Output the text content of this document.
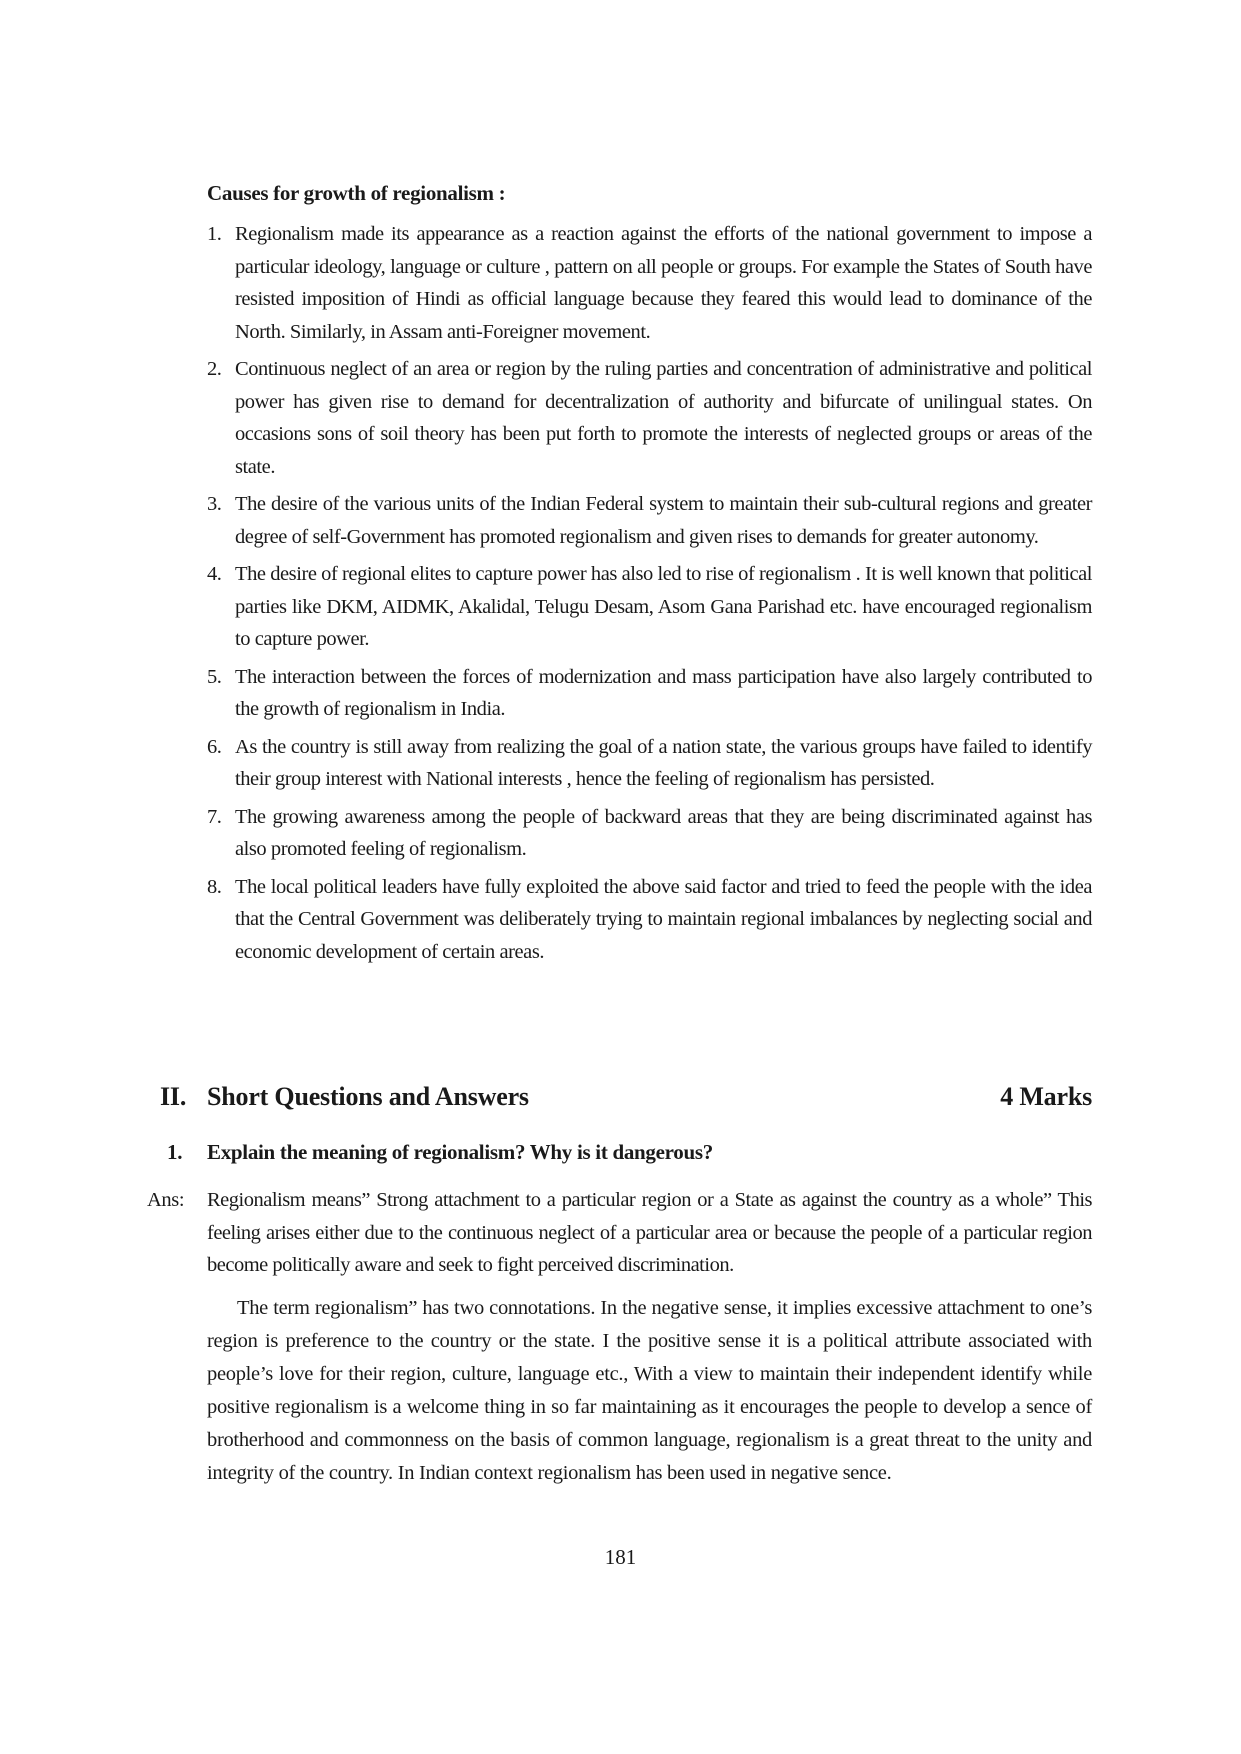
Causes for growth of regionalism :
1. Regionalism made its appearance as a reaction against the efforts of the national government to impose a particular ideology, language or culture , pattern on all people or groups. For example the States of South have resisted imposition of Hindi as official language because they feared this would lead to dominance of the North. Similarly, in Assam anti-Foreigner movement.
2. Continuous neglect of an area or region by the ruling parties and concentration of administrative and political power has given rise to demand for decentralization of authority and bifurcate of unilingual states. On occasions sons of soil theory has been put forth to promote the interests of neglected groups or areas of the state.
3. The desire of the various units of the Indian Federal system to maintain their sub-cultural regions and greater degree of self-Government has promoted regionalism and given rises to demands for greater autonomy.
4. The desire of regional elites to capture power has also led to rise of regionalism . It is well known that political parties like DKM, AIDMK, Akalidal, Telugu Desam, Asom Gana Parishad etc. have encouraged regionalism to capture power.
5. The interaction between the forces of modernization and mass participation have also largely contributed to the growth of regionalism in India.
6. As the country is still away from realizing the goal of a nation state, the various groups have failed to identify their group interest with National interests , hence the feeling of regionalism has persisted.
7. The growing awareness among the people of backward areas that they are being discriminated against has also promoted feeling of regionalism.
8. The local political leaders have fully exploited the above said factor and tried to feed the people with the idea that the Central Government was deliberately trying to maintain regional imbalances by neglecting social and economic development of certain areas.
II. Short Questions and Answers	4 Marks
1. Explain the meaning of regionalism? Why is it dangerous?
Ans: Regionalism means” Strong attachment to a particular region or a State as against the country as a whole” This feeling arises either due to the continuous neglect of a particular area or because the people of a particular region become politically aware and seek to fight perceived discrimination.
The term regionalism” has two connotations. In the negative sense, it implies excessive attachment to one’s region is preference to the country or the state. I the positive sense it is a political attribute associated with people’s love for their region, culture, language etc., With a view to maintain their independent identify while positive regionalism is a welcome thing in so far maintaining as it encourages the people to develop a sence of brotherhood and commonness on the basis of common language, regionalism is a great threat to the unity and integrity of the country. In Indian context regionalism has been used in negative sence.
181
